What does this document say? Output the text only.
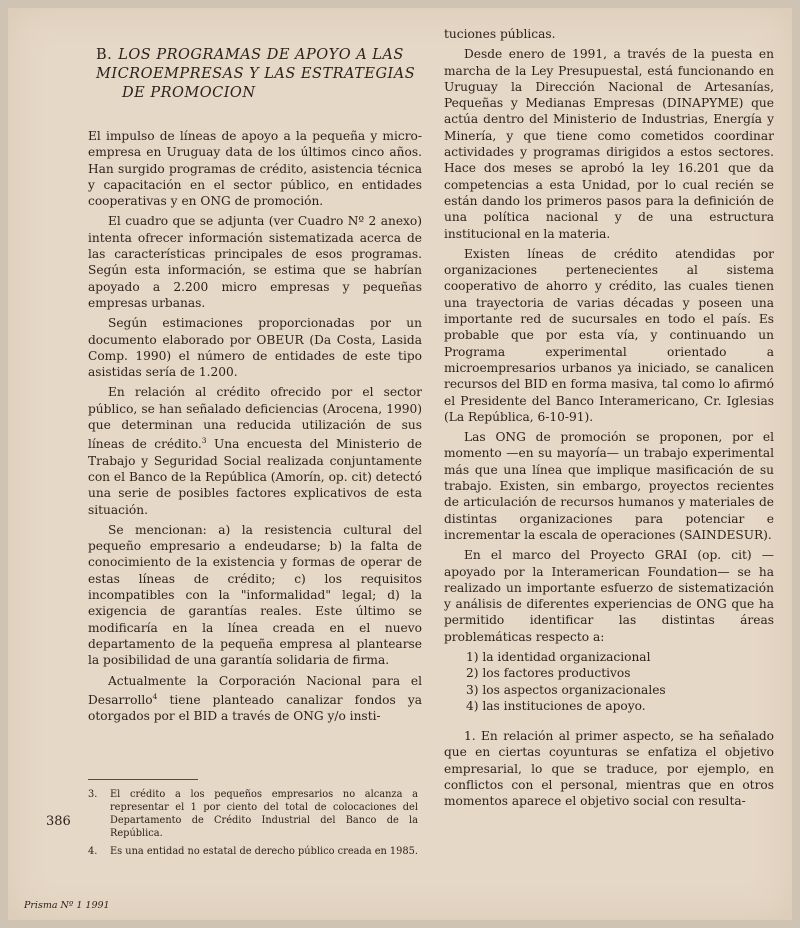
B. LOS PROGRAMAS DE APOYO A LAS MICROEMPRESAS Y LAS ESTRATEGIAS
DE PROMOCION

El impulso de líneas de apoyo a la pequeña y micro-empresa en Uruguay data de los últimos cinco años. Han surgido programas de crédito, asistencia técnica y capacitación en el sector público, en entidades cooperativas y en ONG de promoción.

El cuadro que se adjunta (ver Cuadro Nº 2 anexo) intenta ofrecer información sistematizada acerca de las características principales de esos programas. Según esta información, se estima que se habrían apoyado a 2.200 micro empresas y pequeñas empresas urbanas.

Según estimaciones proporcionadas por un documento elaborado por OBEUR (Da Costa, Lasida Comp. 1990) el número de entidades de este tipo asistidas sería de 1.200.

En relación al crédito ofrecido por el sector público, se han señalado deficiencias (Arocena, 1990) que determinan una reducida utilización de sus líneas de crédito.$^3$ Una encuesta del Ministerio de Trabajo y Seguridad Social realizada conjuntamente con el Banco de la República (Amorín, op. cit) detectó una serie de posibles factores explicativos de esta situación.

Se mencionan: a) la resistencia cultural del pequeño empresario a endeudarse; b) la falta de conocimiento de la existencia y formas de operar de estas líneas de crédito; c) los requisitos incompatibles con la "informalidad" legal; d) la exigencia de garantías reales. Este último se modificaría en la línea creada en el nuevo departamento de la pequeña empresa al plantearse la posibilidad de una garantía solidaria de firma.

Actualmente la Corporación Nacional para el Desarrollo$^4$ tiene planteado canalizar fondos ya otorgados por el BID a través de ONG y/o insti-

3. El crédito a los pequeños empresarios no alcanza a representar el 1 por ciento del total de colocaciones del Departamento de Crédito Industrial del Banco de la República.
4. Es una entidad no estatal de derecho público creada en 1985.
386
Prisma Nº 1 1991

tuciones públicas.

Desde enero de 1991, a través de la puesta en marcha de la Ley Presupuestal, está funcionando en Uruguay la Dirección Nacional de Artesanías, Pequeñas y Medianas Empresas (DINAPYME) que actúa dentro del Ministerio de Industrias, Energía y Minería, y que tiene como cometidos coordinar actividades y programas dirigidos a estos sectores. Hace dos meses se aprobó la ley 16.201 que da competencias a esta Unidad, por lo cual recién se están dando los primeros pasos para la definición de una política nacional y de una estructura institucional en la materia.

Existen líneas de crédito atendidas por organizaciones pertenecientes al sistema cooperativo de ahorro y crédito, las cuales tienen una trayectoria de varias décadas y poseen una importante red de sucursales en todo el país. Es probable que por esta vía, y continuando un Programa experimental orientado a microempresarios urbanos ya iniciado, se canalicen recursos del BID en forma masiva, tal como lo afirmó el Presidente del Banco Interamericano, Cr. Iglesias (La República, 6-10-91).

Las ONG de promoción se proponen, por el momento —en su mayoría— un trabajo experimental más que una línea que implique masificación de su trabajo. Existen, sin embargo, proyectos recientes de articulación de recursos humanos y materiales de distintas organizaciones para potenciar e incrementar la escala de operaciones (SAINDESUR).

En el marco del Proyecto GRAI (op. cit) —apoyado por la Interamerican Foundation— se ha realizado un importante esfuerzo de sistematización y análisis de diferentes experiencias de ONG que ha permitido identificar las distintas áreas problemáticas respecto a:

1) la identidad organizacional
2) los factores productivos
3) los aspectos organizacionales
4) las instituciones de apoyo.

1. En relación al primer aspecto, se ha señalado que en ciertas coyunturas se enfatiza el objetivo empresarial, lo que se traduce, por ejemplo, en conflictos con el personal, mientras que en otros momentos aparece el objetivo social con resulta-
